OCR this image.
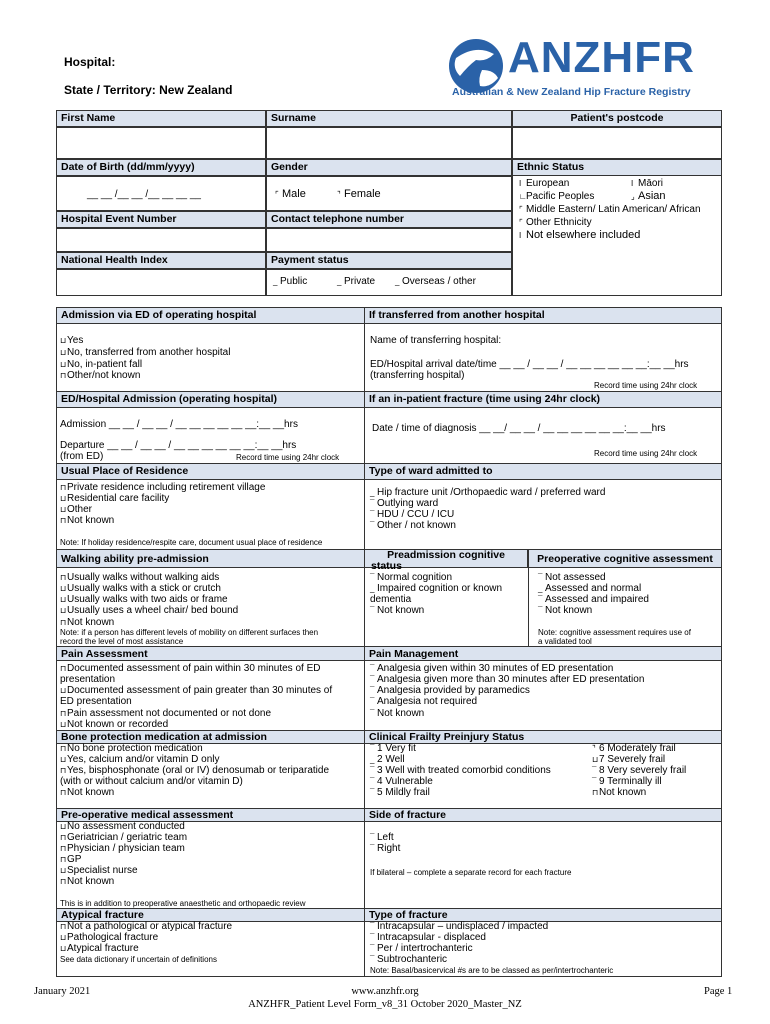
Hospital:
State / Territory: New Zealand
ANZHFR
Australian & New Zealand Hip Fracture Registry
First Name	Surname	Patient's postcode
Date of Birth (dd/mm/yyyy)	Gender
__ __ /__ __ /__ __ __ __	⌜ Male	⌝ Female
Ethnic Status
I European	I Māori
∟Pacific Peoples	⌟ Asian
⌜ Middle Eastern/ Latin American/ African
⌜ Other Ethnicity
I Not elsewhere included
Hospital Event Number	Contact telephone number
National Health Index	Payment status
_ Public	_ Private _ Overseas / other
Admission via ED of operating hospital	If transferred from another hospital
⊔Yes
⊔No, transferred from another hospital
⊔No, in-patient fall
⊓Other/not known
Name of transferring hospital:
ED/Hospital arrival date/time __ __ / __ __ / __ __ __ __ __ __:__ __hrs
(transferring hospital)
Record time using 24hr clock
ED/Hospital Admission (operating hospital)	If an in-patient fracture (time using 24hr clock)
Admission __ __ / __ __ / __ __ __ __ __ __:__ __hrs
Departure __ __ / __ __ / __ __ __ __ __ __:__ __hrs
(from ED)	Record time using 24hr clock
Date / time of diagnosis __ __/ __ __ / __ __ __ __ __ __:__ __hrs
Record time using 24hr clock
Usual Place of Residence	Type of ward admitted to
⊓Private residence including retirement village
⊔Residential care facility
⊔Other
⊓Not known
Note: If holiday residence/respite care, document usual place of residence
_ Hip fracture unit /Orthopaedic ward / preferred ward
¯ Outlying ward
¯ HDU / CCU / ICU
¯ Other / not known
Walking ability pre-admission	Preadmission cognitive
status
Preoperative cognitive assessment
⊓Usually walks without walking aids
⊔Usually walks with a stick or crutch
⊔Usually walks with two aids or frame
⊔Usually uses a wheel chair/ bed bound
⊓Not known
Note: if a person has different levels of mobility on different surfaces then
record the level of most assistance
¯ Normal cognition
_ Impaired cognition or known
dementia
¯ Not known
¯ Not assessed
_ Assessed and normal
¯ Assessed and impaired
¯ Not known
Note: cognitive assessment requires use of
a validated tool
Pain Assessment	Pain Management
⊓Documented assessment of pain within 30 minutes of ED
presentation
⊔Documented assessment of pain greater than 30 minutes of
ED presentation
⊓Pain assessment not documented or not done
⊔Not known or recorded
¯ Analgesia given within 30 minutes of ED presentation
¯ Analgesia given more than 30 minutes after ED presentation
¯ Analgesia provided by paramedics
¯ Analgesia not required
¯ Not known
Bone protection medication at admission	Clinical Frailty Preinjury Status
⊓No bone protection medication
⊔Yes, calcium and/or vitamin D only
⊓Yes, bisphosphonate (oral or IV) denosumab or teriparatide
(with or without calcium and/or vitamin D)
⊓Not known
¯ 1 Very fit
_ 2 Well
¯ 3 Well with treated comorbid conditions
¯ 4 Vulnerable
¯ 5 Mildly frail
⌝ 6 Moderately frail
⊔7 Severely frail
¯ 8 Very severely frail
¯ 9 Terminally ill
⊓Not known
Pre-operative medical assessment	Side of fracture
⊔No assessment conducted
⊓Geriatrician / geriatric team
⊓Physician / physician team
⊓GP
⊔Specialist nurse
⊓Not known
This is in addition to preoperative anaesthetic and orthopaedic review
¯ Left
¯ Right
If bilateral – complete a separate record for each fracture
Atypical fracture	Type of fracture
⊓Not a pathological or atypical fracture
⊔Pathological fracture
⊔Atypical fracture
See data dictionary if uncertain of definitions
¯ Intracapsular – undisplaced / impacted
¯ Intracapsular - displaced
¯ Per / intertrochanteric
¯ Subtrochanteric
Note: Basal/basicervical #s are to be classed as per/intertrochanteric
January 2021	www.anzhfr.org
ANZHFR_Patient Level Form_v8_31 October 2020_Master_NZ
Page 1
